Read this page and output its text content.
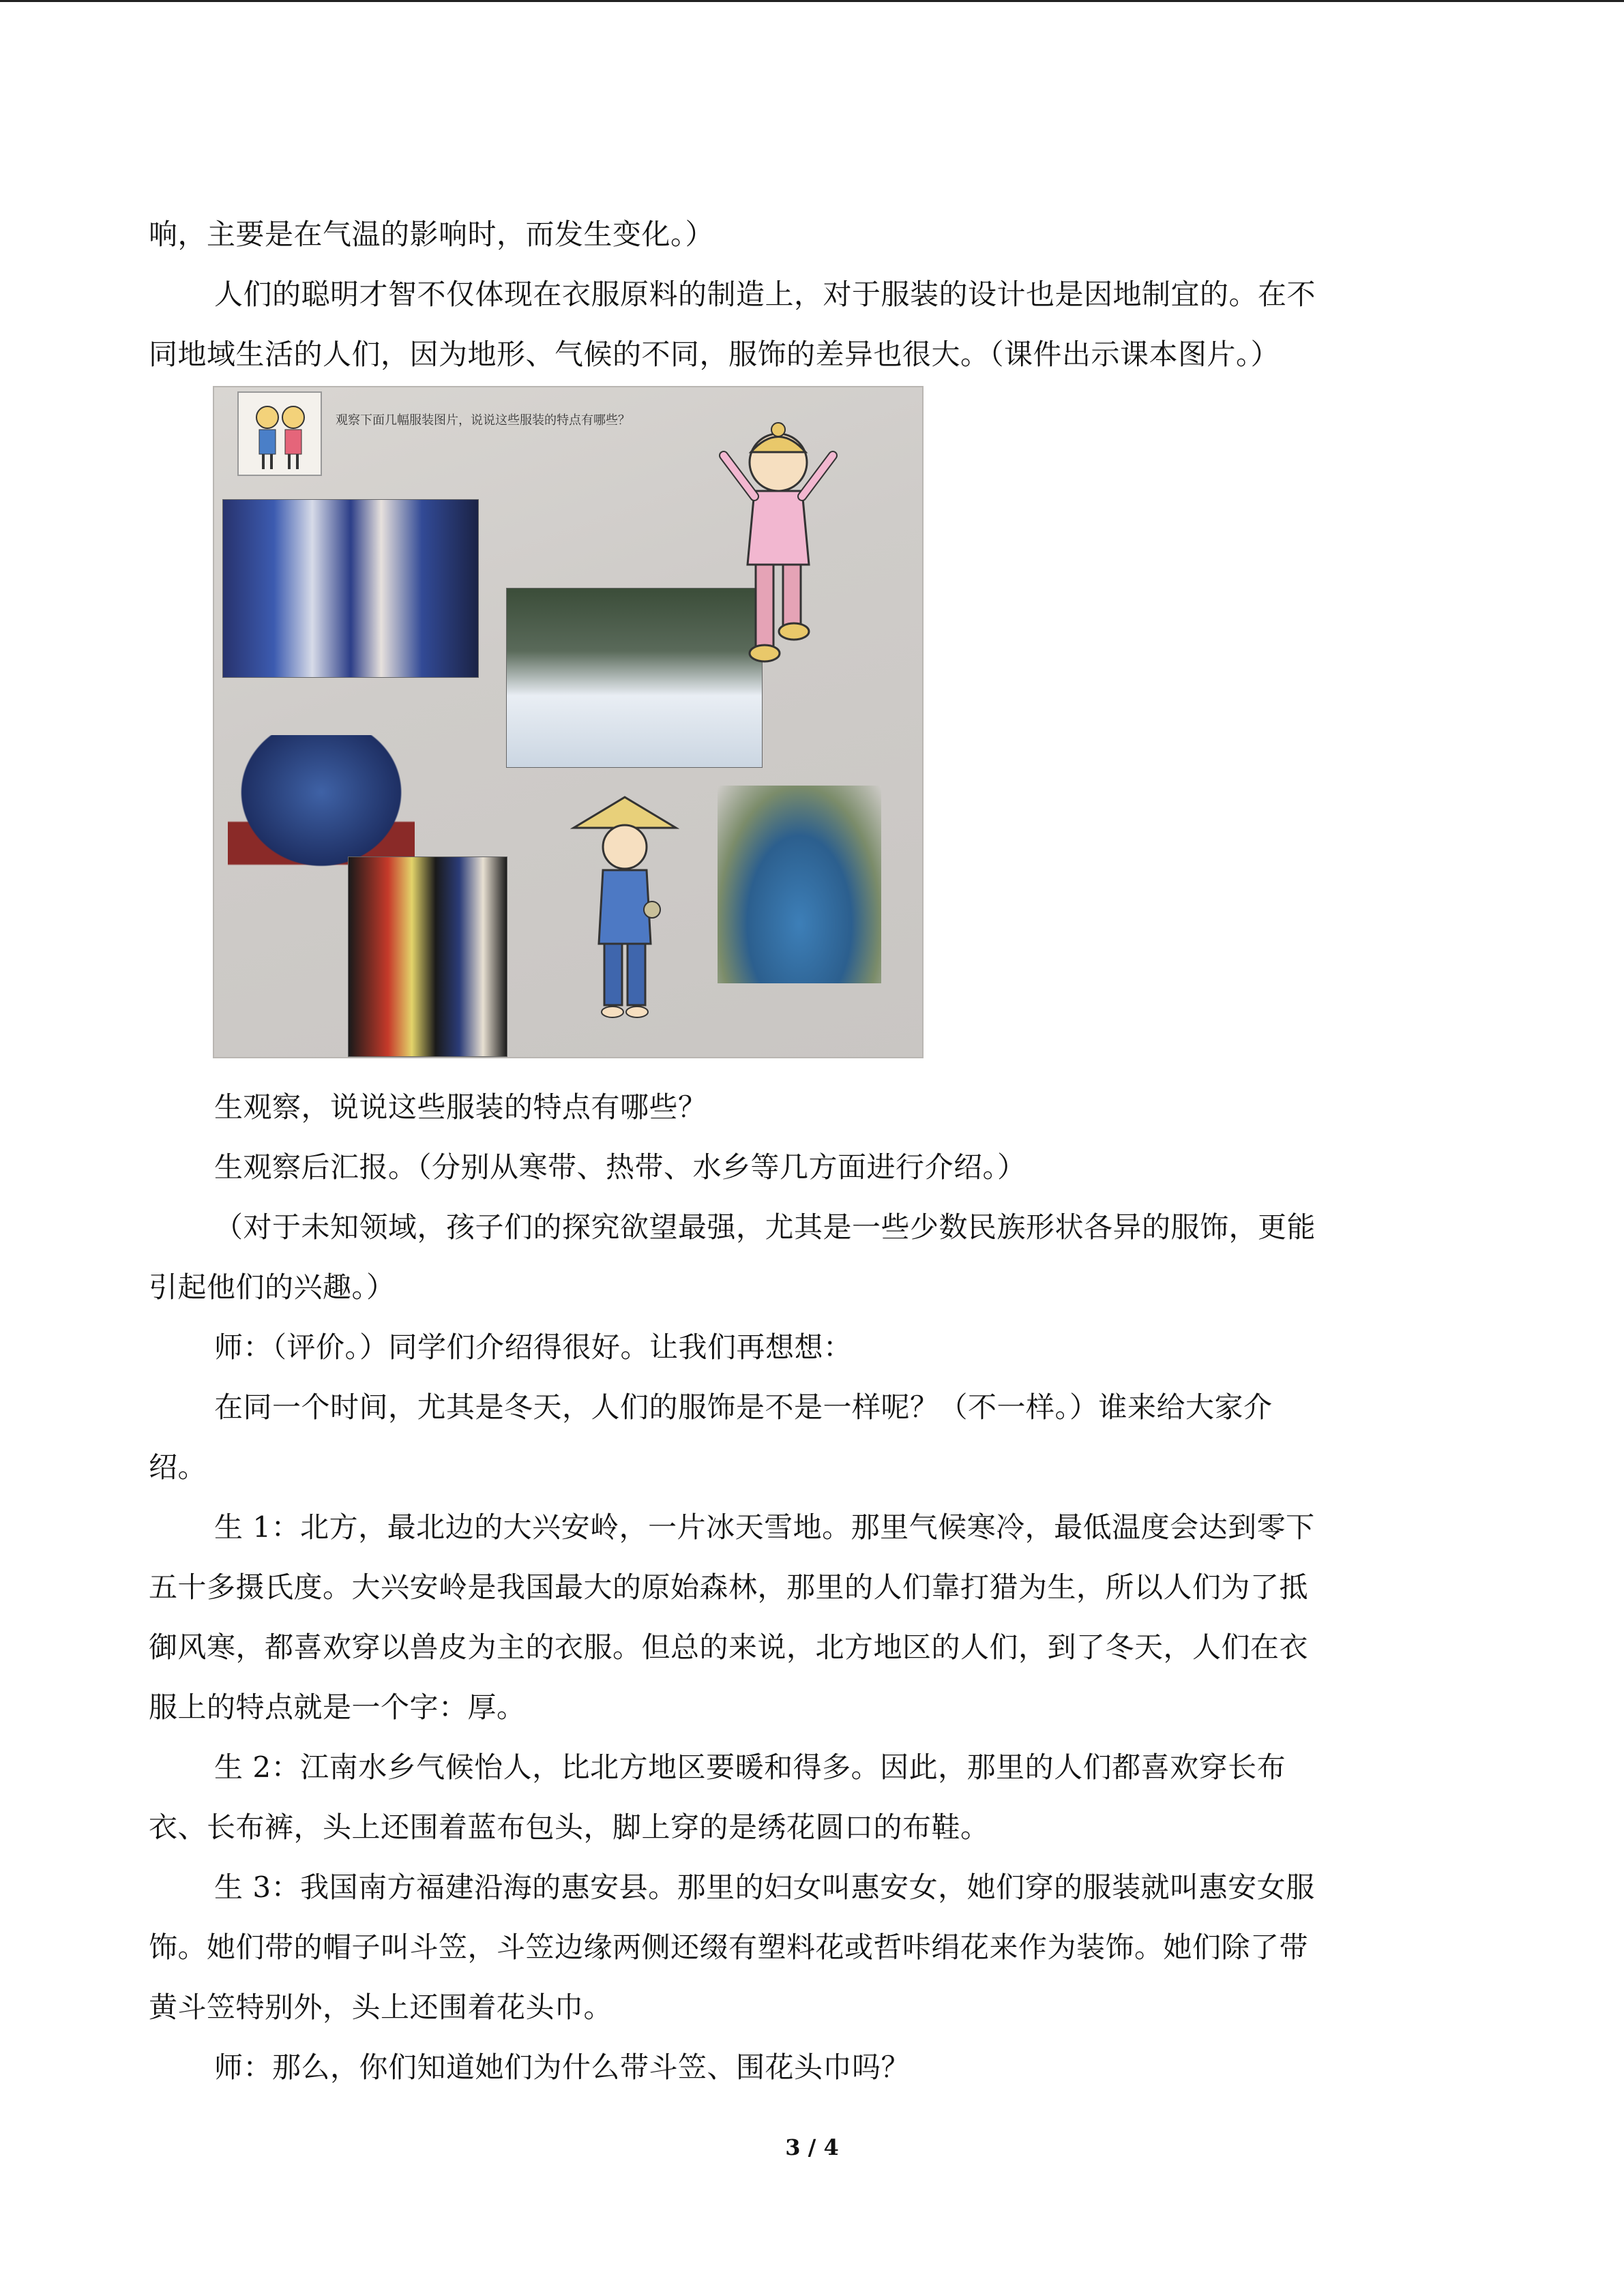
响，主要是在气温的影响时，而发生变化。）

人们的聪明才智不仅体现在衣服原料的制造上，对于服装的设计也是因地制宜的。在不

同地域生活的人们，因为地形、气候的不同，服饰的差异也很大。（课件出示课本图片。）

观察下面几幅服装图片，说说这些服装的特点有哪些？

生观察，说说这些服装的特点有哪些？

生观察后汇报。（分别从寒带、热带、水乡等几方面进行介绍。）

（对于未知领域，孩子们的探究欲望最强，尤其是一些少数民族形状各异的服饰，更能

引起他们的兴趣。）

师：（评价。）同学们介绍得很好。让我们再想想：

在同一个时间，尤其是冬天，人们的服饰是不是一样呢？（不一样。）谁来给大家介

绍。

生 1：北方，最北边的大兴安岭，一片冰天雪地。那里气候寒冷，最低温度会达到零下

五十多摄氏度。大兴安岭是我国最大的原始森林，那里的人们靠打猎为生，所以人们为了抵

御风寒，都喜欢穿以兽皮为主的衣服。但总的来说，北方地区的人们，到了冬天，人们在衣

服上的特点就是一个字：厚。

生 2：江南水乡气候怡人，比北方地区要暖和得多。因此，那里的人们都喜欢穿长布

衣、长布裤，头上还围着蓝布包头，脚上穿的是绣花圆口的布鞋。

生 3：我国南方福建沿海的惠安县。那里的妇女叫惠安女，她们穿的服装就叫惠安女服

饰。她们带的帽子叫斗笠，斗笠边缘两侧还缀有塑料花或哲咔绢花来作为装饰。她们除了带

黄斗笠特别外，头上还围着花头巾。

师：那么，你们知道她们为什么带斗笠、围花头巾吗？

3 / 4
